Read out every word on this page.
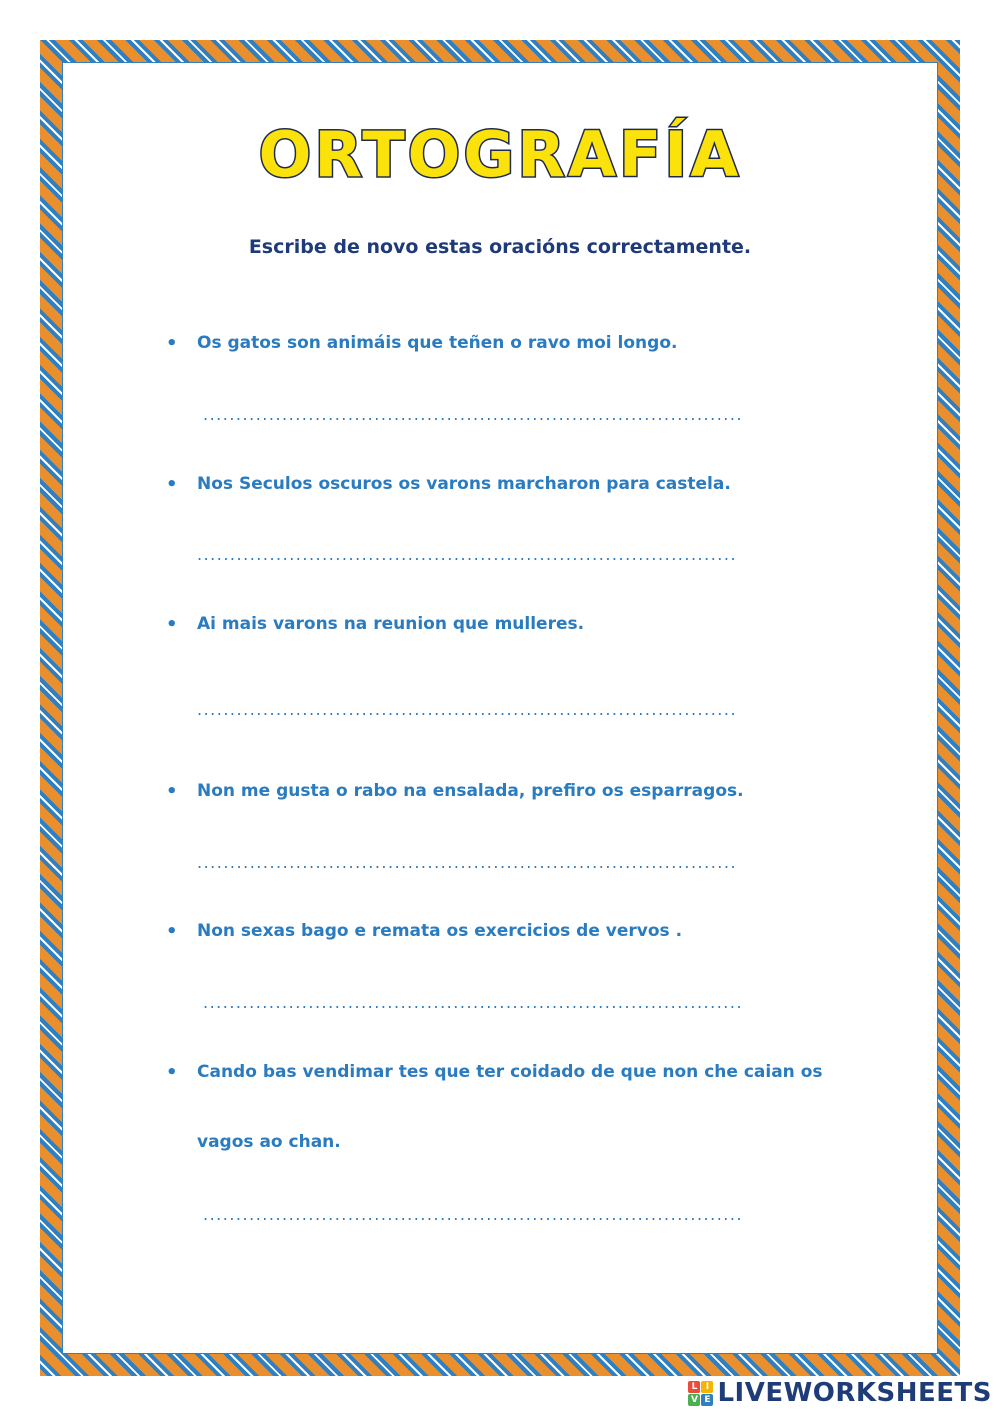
ORTOGRAFÍA
Escribe de novo estas oracións correctamente.
• Os gatos son animáis que teñen o ravo moi longo.
..................................................................................
• Nos Seculos oscuros os varons marcharon para castela.
..................................................................................
• Ai mais varons na reunion que mulleres.
..................................................................................
• Non me gusta o rabo na ensalada, prefiro os esparragos.
..................................................................................
• Non sexas bago e remata os exercicios de vervos .
..................................................................................
• Cando bas vendimar tes que ter coidado de que non che caian os
vagos ao chan.
..................................................................................
L I
V E LIVEWORKSHEETS
